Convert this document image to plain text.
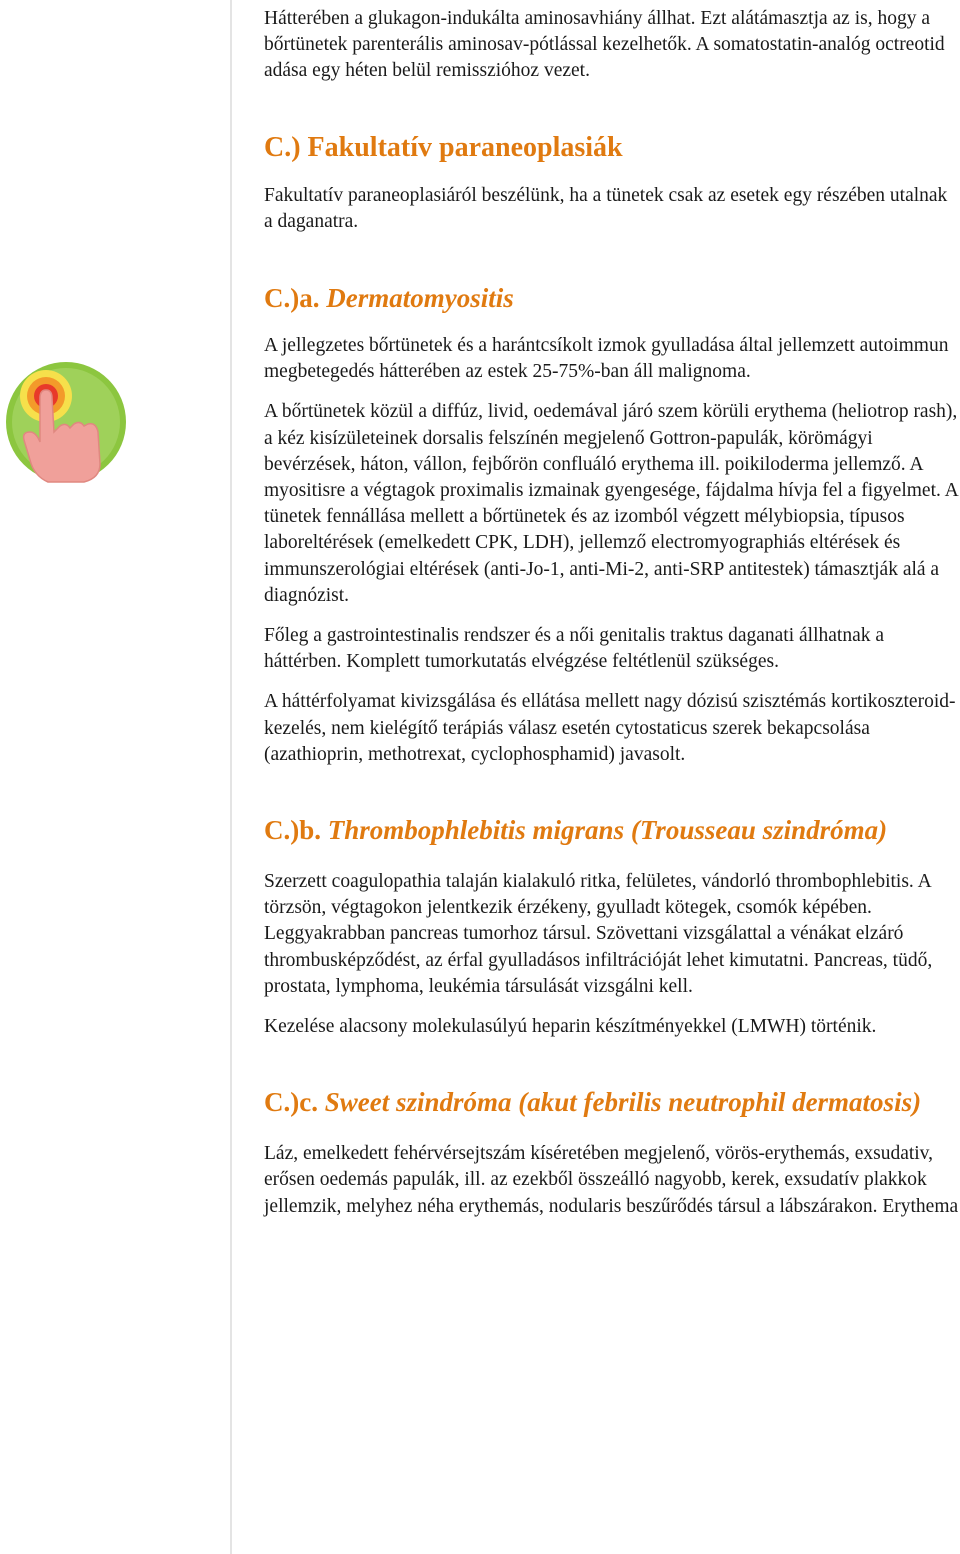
Hátterében a glukagon-indukálta aminosavhiány állhat. Ezt alátámasztja az is, hogy a bőrtünetek parenterális aminosav-pótlással kezelhetők. A somatostatin-analóg octreotid adása egy héten belül remisszióhoz vezet.

C.) Fakultatív paraneoplasiák

Fakultatív paraneoplasiáról beszélünk, ha a tünetek csak az esetek egy részében utalnak a daganatra.

C.)a. Dermatomyositis

A jellegzetes bőrtünetek és a harántcsíkolt izmok gyulladása által jellemzett autoimmun megbetegedés hátterében az estek 25-75%-ban áll malignoma.

A bőrtünetek közül a diffúz, livid, oedemával járó szem körüli erythema (heliotrop rash), a kéz kisízületeinek dorsalis felszínén megjelenő Gottron-papulák, körömágyi bevérzések, háton, vállon, fejbőrön confluáló erythema ill. poikiloderma jellemző. A myositisre a végtagok proximalis izmainak gyengesége, fájdalma hívja fel a figyelmet. A tünetek fennállása mellett a bőrtünetek és az izomból végzett mélybiopsia, típusos laboreltérések (emelkedett CPK, LDH), jellemző electromyographiás eltérések és immunszerológiai eltérések (anti-Jo-1, anti-Mi-2, anti-SRP antitestek) támasztják alá a diagnózist.

Főleg a gastrointestinalis rendszer és a női genitalis traktus daganati állhatnak a háttérben. Komplett tumorkutatás elvégzése feltétlenül szükséges.

A háttérfolyamat kivizsgálása és ellátása mellett nagy dózisú szisztémás kortikoszteroid-kezelés, nem kielégítő terápiás válasz esetén cytostaticus szerek bekapcsolása (azathioprin, methotrexat, cyclophosphamid) javasolt.

C.)b. Thrombophlebitis migrans (Trousseau szindróma)

Szerzett coagulopathia talaján kialakuló ritka, felületes, vándorló thrombophlebitis. A törzsön, végtagokon jelentkezik érzékeny, gyulladt kötegek, csomók képében. Leggyakrabban pancreas tumorhoz társul. Szövettani vizsgálattal a vénákat elzáró thrombusképződést, az érfal gyulladásos infiltrációját lehet kimutatni. Pancreas, tüdő, prostata, lymphoma, leukémia társulását vizsgálni kell.

Kezelése alacsony molekulasúlyú heparin készítményekkel (LMWH) történik.

C.)c. Sweet szindróma (akut febrilis neutrophil dermatosis)

Láz, emelkedett fehérvérsejtszám kíséretében megjelenő, vörös-erythemás, exsudativ, erősen oedemás papulák, ill. az ezekből összeálló nagyobb, kerek, exsudatív plakkok jellemzik, melyhez néha erythemás, nodularis beszűrődés társul a lábszárakon. Erythema
